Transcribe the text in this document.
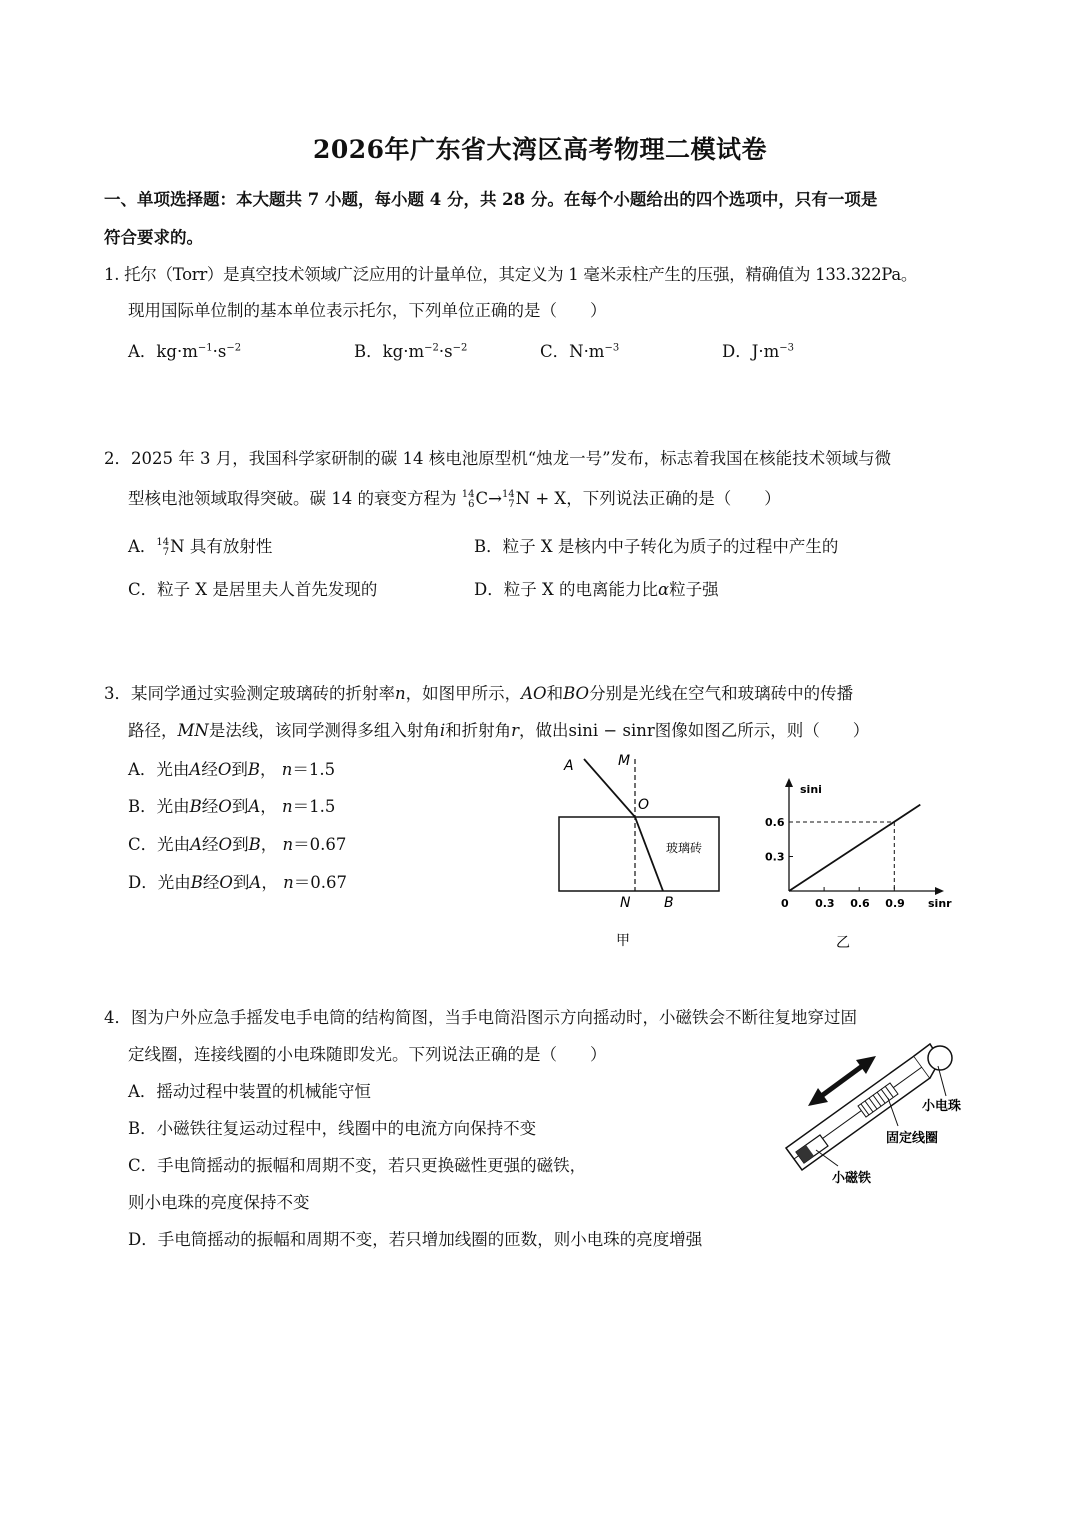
2026年广东省大湾区高考物理二模试卷
一、单项选择题：本大题共 7 小题，每小题 4 分，共 28 分。在每个小题给出的四个选项中，只有一项是
符合要求的。
1. 托尔（Torr）是真空技术领域广泛应用的计量单位，其定义为 1 毫米汞柱产生的压强，精确值为 133.322Pa。
现用国际单位制的基本单位表示托尔，下列单位正确的是（　　）
A．$kg\cdot m^{-1}\cdot s^{-2}$	B．$kg\cdot m^{-2}\cdot s^{-2}$	C．$N\cdot m^{-3}$	D．$J\cdot m^{-3}$
2．2025 年 3 月，我国科学家研制的碳 14 核电池原型机“烛龙一号”发布，标志着我国在核能技术领域与微
型核电池领域取得突破。碳 14 的衰变方程为 14
6 C→ 14
7 N + X，下列说法正确的是（　　）
A． 14
7 N 具有放射性	B．粒子 X 是核内中子转化为质子的过程中产生的
C．粒子 X 是居里夫人首先发现的	D．粒子 X 的电离能力比α粒子强
3．某同学通过实验测定玻璃砖的折射率n，如图甲所示，AO和BO分别是光线在空气和玻璃砖中的传播
路径，MN是法线，该同学测得多组入射角i和折射角r，做出sini − sinr图像如图乙所示，则（　　）
A．光由A经O到B， n＝1.5
B．光由B经O到A， n＝1.5
C．光由A经O到B， n＝0.67
D．光由B经O到A， n＝0.67
A	M
O
玻璃砖
N B
甲
sini
sinr
0 0.3 0.6 0.9
0.3
0.6
乙
4．图为户外应急手摇发电手电筒的结构简图，当手电筒沿图示方向摇动时，小磁铁会不断往复地穿过固
定线圈，连接线圈的小电珠随即发光。下列说法正确的是（　　）
A．摇动过程中装置的机械能守恒
B．小磁铁往复运动过程中，线圈中的电流方向保持不变
C．手电筒摇动的振幅和周期不变，若只更换磁性更强的磁铁，
则小电珠的亮度保持不变
D．手电筒摇动的振幅和周期不变，若只增加线圈的匝数，则小电珠的亮度增强
小电珠
固定线圈
小磁铁
